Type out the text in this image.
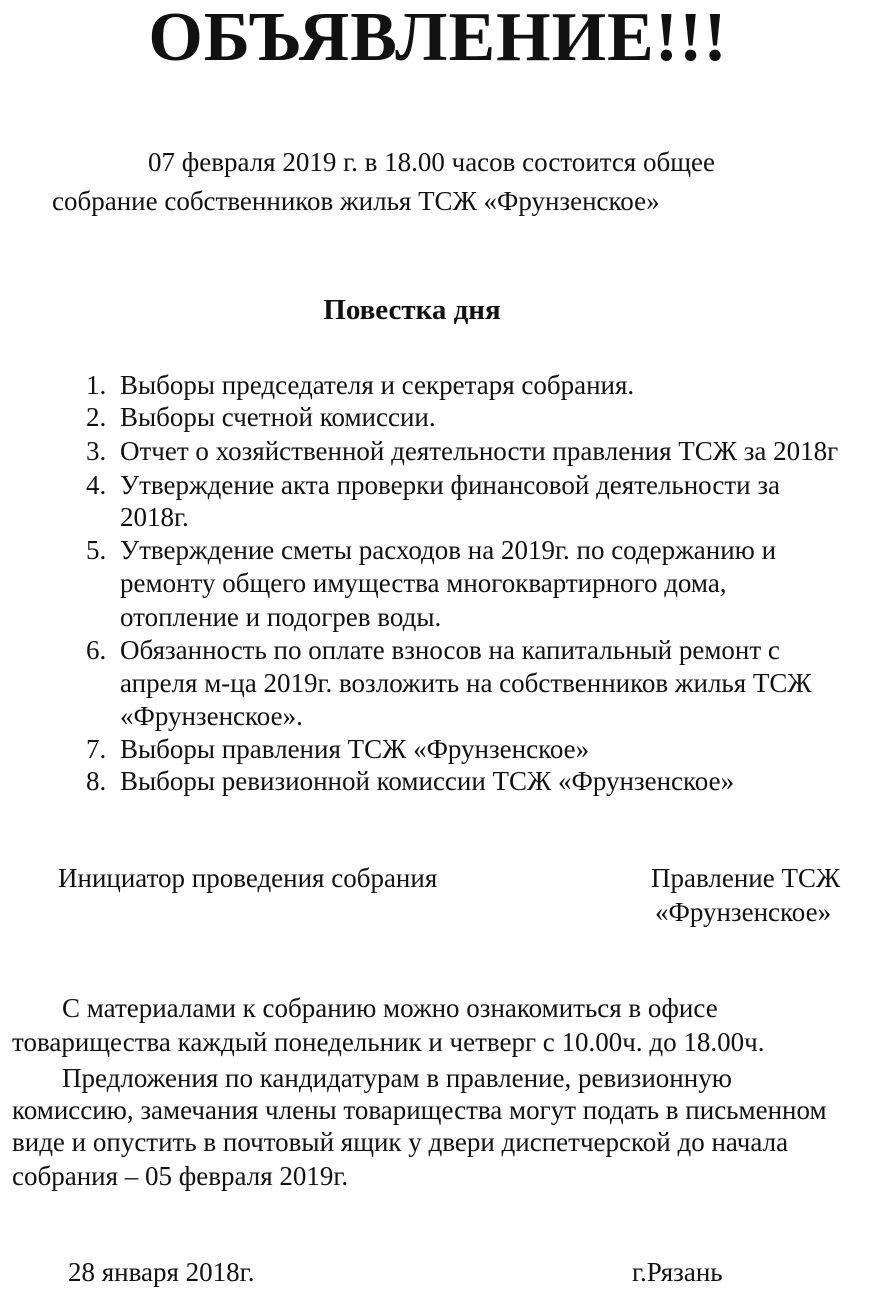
ОБЪЯВЛЕНИЕ!!!
07 февраля 2019 г. в 18.00 часов состоится общее
собрание собственников жилья ТСЖ «Фрунзенское»
Повестка дня
1. Выборы председателя и секретаря собрания.
2. Выборы счетной комиссии.
3. Отчет о хозяйственной деятельности правления ТСЖ за 2018г
4. Утверждение акта проверки финансовой деятельности за
2018г.
5. Утверждение сметы расходов на 2019г. по содержанию и
ремонту общего имущества многоквартирного дома,
отопление и подогрев воды.
6. Обязанность по оплате взносов на капитальный ремонт с
апреля м-ца 2019г. возложить на собственников жилья ТСЖ
«Фрунзенское».
7. Выборы правления ТСЖ «Фрунзенское»
8. Выборы ревизионной комиссии ТСЖ «Фрунзенское»
Инициатор проведения собрания	Правление ТСЖ
«Фрунзенское»
С материалами к собранию можно ознакомиться в офисе
товарищества каждый понедельник и четверг с 10.00ч. до 18.00ч.
Предложения по кандидатурам в правление, ревизионную
комиссию, замечания члены товарищества могут подать в письменном
виде и опустить в почтовый ящик у двери диспетчерской до начала
собрания – 05 февраля 2019г.
28 января 2018г.	г.Рязань
